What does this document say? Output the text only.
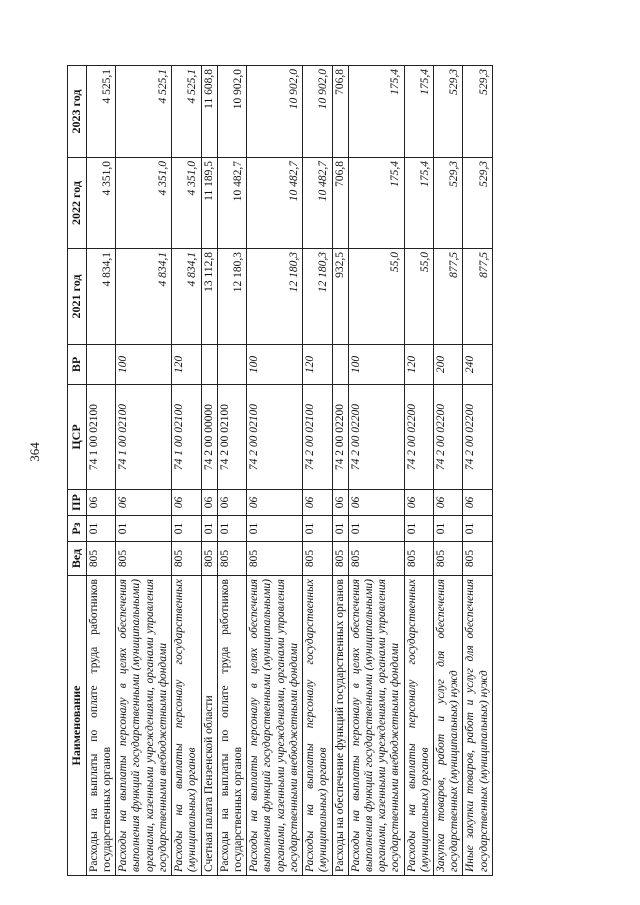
364
Наименование	Вед	Рз	ПР	ЦСР	ВР	2021 год	2022 год	2023 год
Расходы на выплаты по оплате труда работников государственных органов	805	01	06	74 1 00 02100		4 834,1	4 351,0	4 525,1
Расходы на выплаты персоналу в целях обеспечения выполнения функций государственными (муниципальными) органами, казенными учреждениями, органами управления государственными внебюджетными фондами	805	01	06	74 1 00 02100	100	4 834,1	4 351,0	4 525,1
Расходы на выплаты персоналу государственных (муниципальных) органов	805	01	06	74 1 00 02100	120	4 834,1	4 351,0	4 525,1
Счетная палата Пензенской области	805	01	06	74 2 00 00000		13 112,8	11 189,5	11 608,8
Расходы на выплаты по оплате труда работников государственных органов	805	01	06	74 2 00 02100		12 180,3	10 482,7	10 902,0
Расходы на выплаты персоналу в целях обеспечения выполнения функций государственными (муниципальными) органами, казенными учреждениями, органами управления государственными внебюджетными фондами	805	01	06	74 2 00 02100	100	12 180,3	10 482,7	10 902,0
Расходы на выплаты персоналу государственных (муниципальных) органов	805	01	06	74 2 00 02100	120	12 180,3	10 482,7	10 902,0
Расходы на обеспечение функций государственных органов	805	01	06	74 2 00 02200		932,5	706,8	706,8
Расходы на выплаты персоналу в целях обеспечения выполнения функций государственными (муниципальными) органами, казенными учреждениями, органами управления государственными внебюджетными фондами	805	01	06	74 2 00 02200	100	55,0	175,4	175,4
Расходы на выплаты персоналу государственных (муниципальных) органов	805	01	06	74 2 00 02200	120	55,0	175,4	175,4
Закупка товаров, работ и услуг для обеспечения государственных (муниципальных) нужд	805	01	06	74 2 00 02200	200	877,5	529,3	529,3
Иные закупки товаров, работ и услуг для обеспечения государственных (муниципальных) нужд	805	01	06	74 2 00 02200	240	877,5	529,3	529,3
